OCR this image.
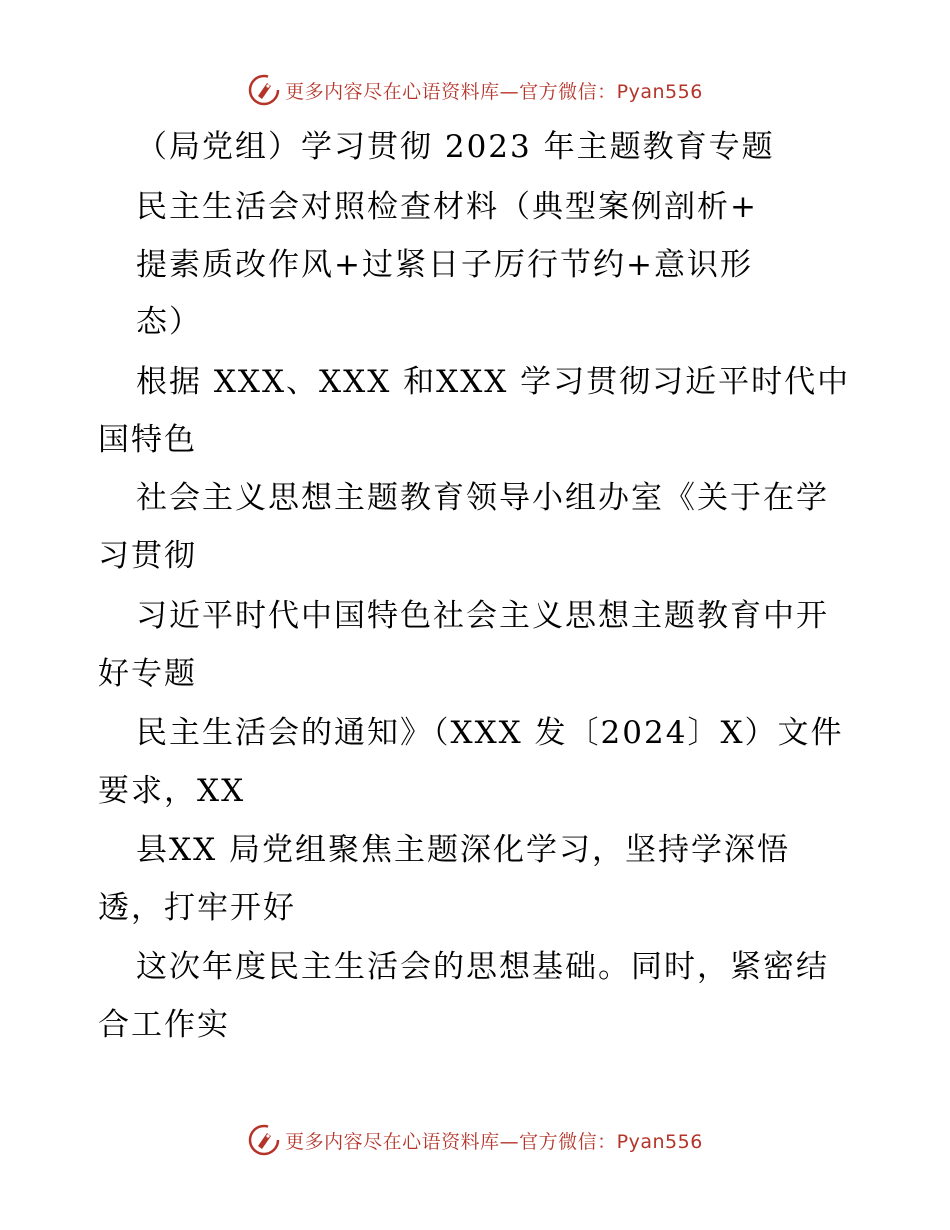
更多内容尽在心语资料库—官方微信：Pyan556
（局党组）学习贯彻 2023 年主题教育专题
民主生活会对照检查材料（典型案例剖析+
提素质改作风+过紧日子厉行节约+意识形
态）
根据 XXX、XXX 和XXX 学习贯彻习近平时代中
国特色
社会主义思想主题教育领导小组办室《关于在学
习贯彻
习近平时代中国特色社会主义思想主题教育中开
好专题
民主生活会的通知》（XXX 发〔2024〕X）文件
要求，XX
县XX 局党组聚焦主题深化学习，坚持学深悟
透，打牢开好
这次年度民主生活会的思想基础。同时，紧密结
合工作实
更多内容尽在心语资料库—官方微信：Pyan556
